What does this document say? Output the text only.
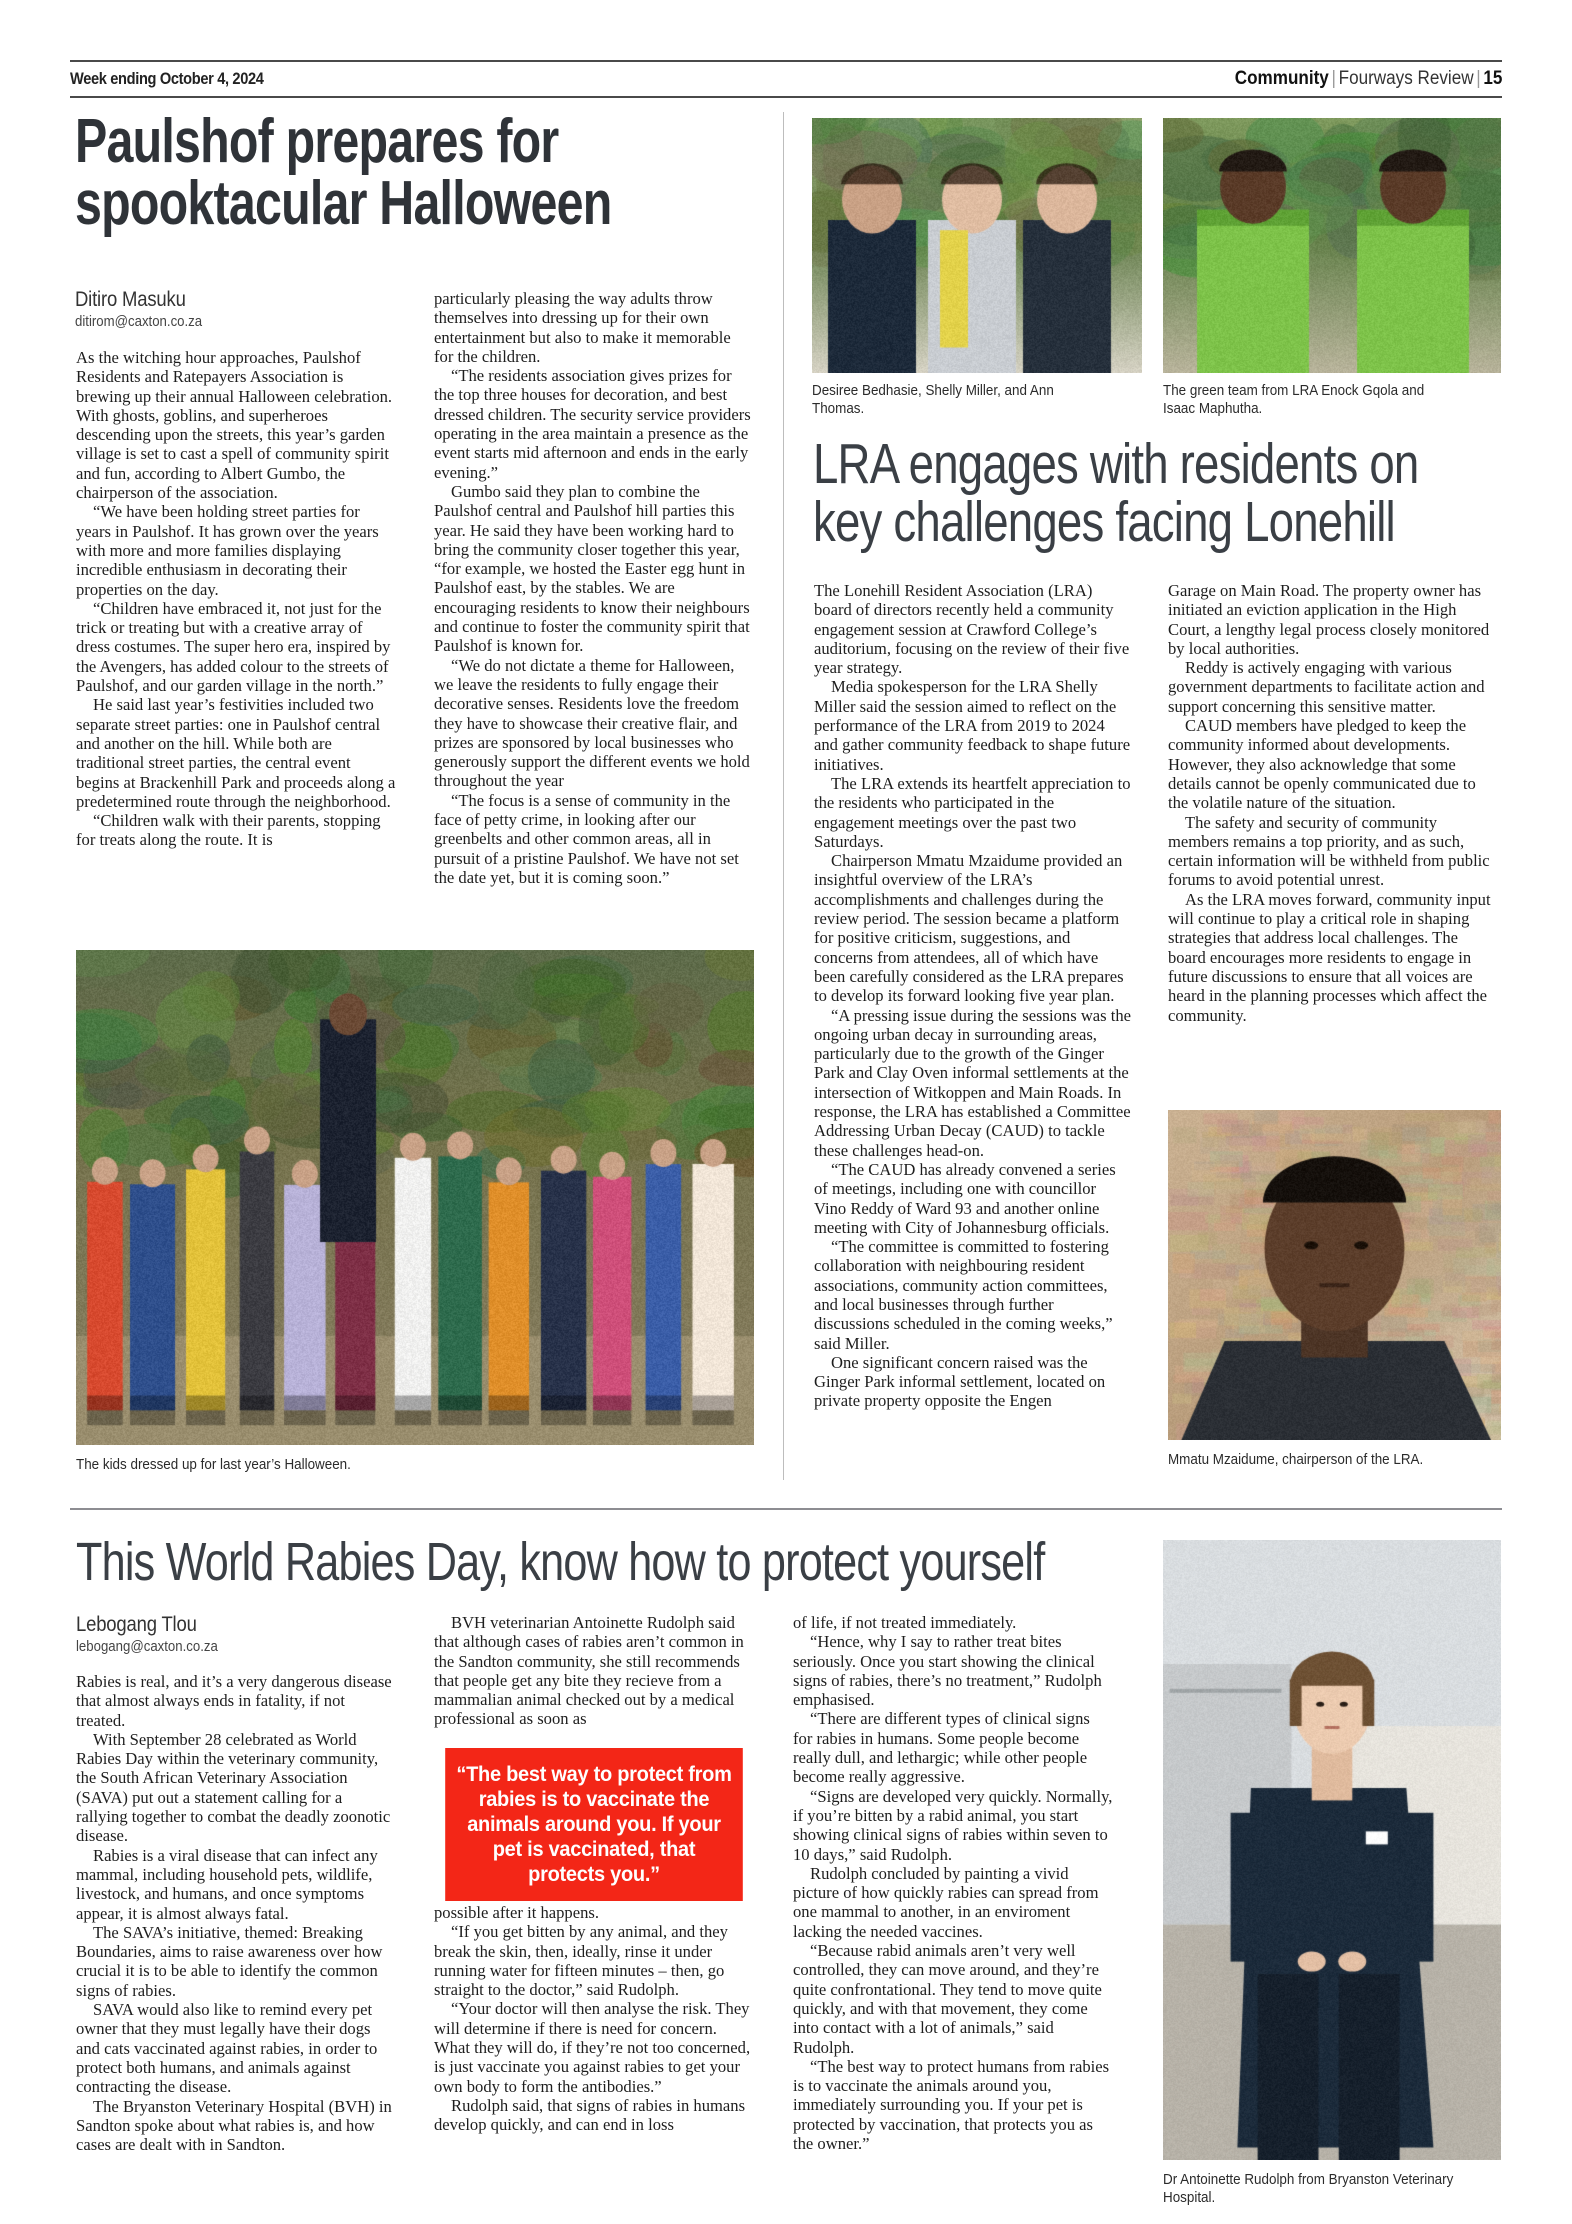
Week ending October 4, 2024	Community | Fourways Review | 15
Paulshof prepares for
spooktacular Halloween
Ditiro Masuku
ditirom@caxton.co.za

As the witching hour approaches, Paulshof Residents and Ratepayers Association is brewing up their annual Halloween celebration. With ghosts, goblins, and superheroes descending upon the streets, this year’s garden village is set to cast a spell of community spirit and fun, according to Albert Gumbo, the chairperson of the association.

“We have been holding street parties for years in Paulshof. It has grown over the years with more and more families displaying incredible enthusiasm in decorating their properties on the day.

“Children have embraced it, not just for the trick or treating but with a creative array of dress costumes. The super hero era, inspired by the Avengers, has added colour to the streets of Paulshof, and our garden village in the north.”

He said last year’s festivities included two separate street parties: one in Paulshof central and another on the hill. While both are traditional street parties, the central event begins at Brackenhill Park and proceeds along a predetermined route through the neighborhood.

“Children walk with their parents, stopping for treats along the route. It is

particularly pleasing the way adults throw themselves into dressing up for their own entertainment but also to make it memorable for the children.

“The residents association gives prizes for the top three houses for decoration, and best dressed children. The security service providers operating in the area maintain a presence as the event starts mid afternoon and ends in the early evening.”

Gumbo said they plan to combine the Paulshof central and Paulshof hill parties this year. He said they have been working hard to bring the community closer together this year, “for example, we hosted the Easter egg hunt in Paulshof east, by the stables. We are encouraging residents to know their neighbours and continue to foster the community spirit that Paulshof is known for.

“We do not dictate a theme for Halloween, we leave the residents to fully engage their decorative senses. Residents love the freedom they have to showcase their creative flair, and prizes are sponsored by local businesses who generously support the different events we hold throughout the year

“The focus is a sense of community in the face of petty crime, in looking after our greenbelts and other common areas, all in pursuit of a pristine Paulshof. We have not set the date yet, but it is coming soon.”

The kids dressed up for last year’s Halloween.
Desiree Bedhasie, Shelly Miller, and Ann Thomas.
The green team from LRA Enock Gqola and Isaac Maphutha.
LRA engages with residents on
key challenges facing Lonehill

The Lonehill Resident Association (LRA) board of directors recently held a community engagement session at Crawford College’s auditorium, focusing on the review of their five year strategy.

Media spokesperson for the LRA Shelly Miller said the session aimed to reflect on the performance of the LRA from 2019 to 2024 and gather community feedback to shape future initiatives.

The LRA extends its heartfelt appreciation to the residents who participated in the engagement meetings over the past two Saturdays.

Chairperson Mmatu Mzaidume provided an insightful overview of the LRA’s accomplishments and challenges during the review period. The session became a platform for positive criticism, suggestions, and concerns from attendees, all of which have been carefully considered as the LRA prepares to develop its forward looking five year plan.

“A pressing issue during the sessions was the ongoing urban decay in surrounding areas, particularly due to the growth of the Ginger Park and Clay Oven informal settlements at the intersection of Witkoppen and Main Roads. In response, the LRA has established a Committee Addressing Urban Decay (CAUD) to tackle these challenges head-on.

“The CAUD has already convened a series of meetings, including one with councillor Vino Reddy of Ward 93 and another online meeting with City of Johannesburg officials.

“The committee is committed to fostering collaboration with neighbouring resident associations, community action committees, and local businesses through further discussions scheduled in the coming weeks,” said Miller.

One significant concern raised was the Ginger Park informal settlement, located on private property opposite the Engen

Garage on Main Road. The property owner has initiated an eviction application in the High Court, a lengthy legal process closely monitored by local authorities.

Reddy is actively engaging with various government departments to facilitate action and support concerning this sensitive matter.

CAUD members have pledged to keep the community informed about developments. However, they also acknowledge that some details cannot be openly communicated due to the volatile nature of the situation.

The safety and security of community members remains a top priority, and as such, certain information will be withheld from public forums to avoid potential unrest.

As the LRA moves forward, community input will continue to play a critical role in shaping strategies that address local challenges. The board encourages more residents to engage in future discussions to ensure that all voices are heard in the planning processes which affect the community.

Mmatu Mzaidume, chairperson of the LRA.
This World Rabies Day, know how to protect yourself
Lebogang Tlou
lebogang@caxton.co.za

Rabies is real, and it’s a very dangerous disease that almost always ends in fatality, if not treated.

With September 28 celebrated as World Rabies Day within the veterinary community, the South African Veterinary Association (SAVA) put out a statement calling for a rallying together to combat the deadly zoonotic disease.

Rabies is a viral disease that can infect any mammal, including household pets, wildlife, livestock, and humans, and once symptoms appear, it is almost always fatal.

The SAVA’s initiative, themed: Breaking Boundaries, aims to raise awareness over how crucial it is to be able to identify the common signs of rabies.

SAVA would also like to remind every pet owner that they must legally have their dogs and cats vaccinated against rabies, in order to protect both humans, and animals against contracting the disease.

The Bryanston Veterinary Hospital (BVH) in Sandton spoke about what rabies is, and how cases are dealt with in Sandton.

BVH veterinarian Antoinette Rudolph said that although cases of rabies aren’t common in the Sandton community, she still recommends that people get any bite they recieve from a mammalian animal checked out by a medical professional as soon as

“The best way to protect from rabies is to vaccinate the animals around you. If your pet is vaccinated, that protects you.”

possible after it happens.

“If you get bitten by any animal, and they break the skin, then, ideally, rinse it under running water for fifteen minutes – then, go straight to the doctor,” said Rudolph.

“Your doctor will then analyse the risk. They will determine if there is need for concern. What they will do, if they’re not too concerned, is just vaccinate you against rabies to get your own body to form the antibodies.”

Rudolph said, that signs of rabies in humans develop quickly, and can end in loss

of life, if not treated immediately.

“Hence, why I say to rather treat bites seriously. Once you start showing the clinical signs of rabies, there’s no treatment,” Rudolph emphasised.

“There are different types of clinical signs for rabies in humans. Some people become really dull, and lethargic; while other people become really aggressive.

“Signs are developed very quickly. Normally, if you’re bitten by a rabid animal, you start showing clinical signs of rabies within seven to 10 days,” said Rudolph.

Rudolph concluded by painting a vivid picture of how quickly rabies can spread from one mammal to another, in an enviroment lacking the needed vaccines.

“Because rabid animals aren’t very well controlled, they can move around, and they’re quite confrontational. They tend to move quite quickly, and with that movement, they come into contact with a lot of animals,” said Rudolph.

“The best way to protect humans from rabies is to vaccinate the animals around you, immediately surrounding you. If your pet is protected by vaccination, that protects you as the owner.”

Dr Antoinette Rudolph from Bryanston Veterinary Hospital.
